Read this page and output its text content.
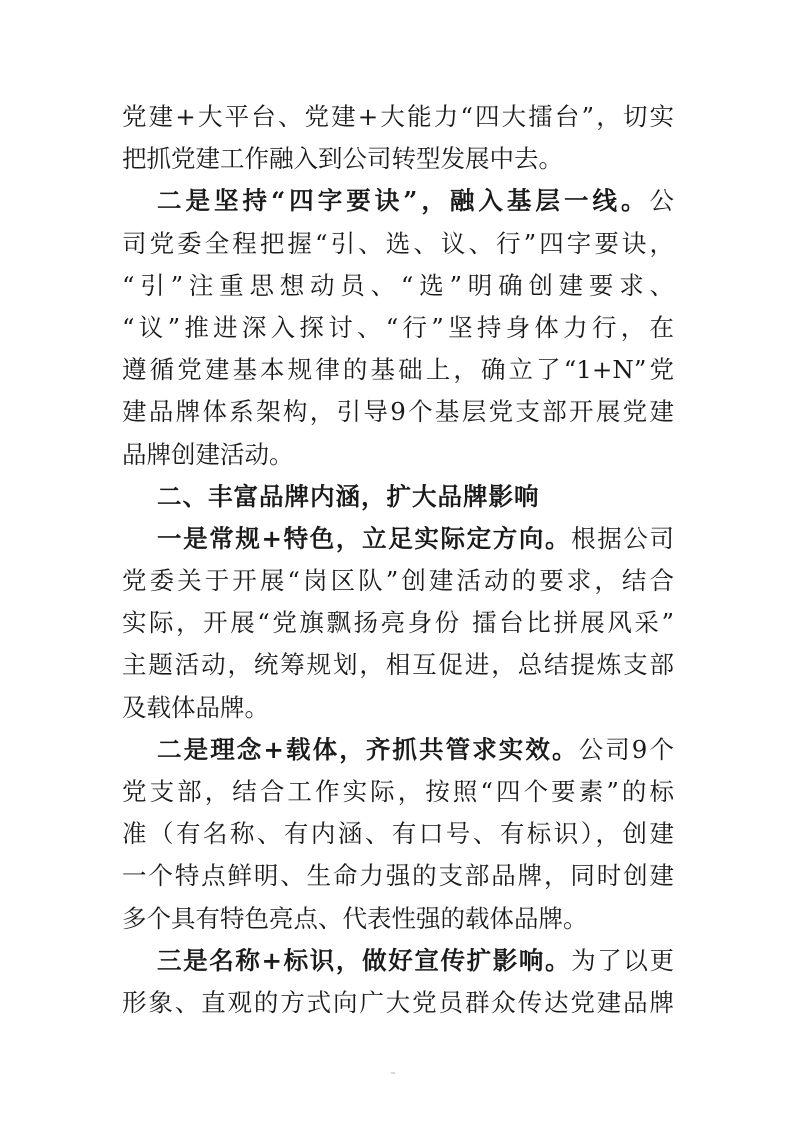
党建+大平台、党建+大能力“四大擂台”，切实
把抓党建工作融入到公司转型发展中去。
二是坚持“四字要诀”，融入基层一线。公
司党委全程把握“引、选、议、行”四字要诀，
“引”注重思想动员、“选”明确创建要求、
“议”推进深入探讨、“行”坚持身体力行，在
遵循党建基本规律的基础上，确立了“1+N”党
建品牌体系架构，引导9个基层党支部开展党建
品牌创建活动。
二、丰富品牌内涵，扩大品牌影响
一是常规+特色，立足实际定方向。根据公司
党委关于开展“岗区队”创建活动的要求，结合
实际，开展“党旗飘扬亮身份 擂台比拼展风采”
主题活动，统筹规划，相互促进，总结提炼支部
及载体品牌。
二是理念+载体，齐抓共管求实效。公司9个
党支部，结合工作实际，按照“四个要素”的标
准（有名称、有内涵、有口号、有标识），创建
一个特点鲜明、生命力强的支部品牌，同时创建
多个具有特色亮点、代表性强的载体品牌。
三是名称+标识，做好宣传扩影响。为了以更
形象、直观的方式向广大党员群众传达党建品牌
